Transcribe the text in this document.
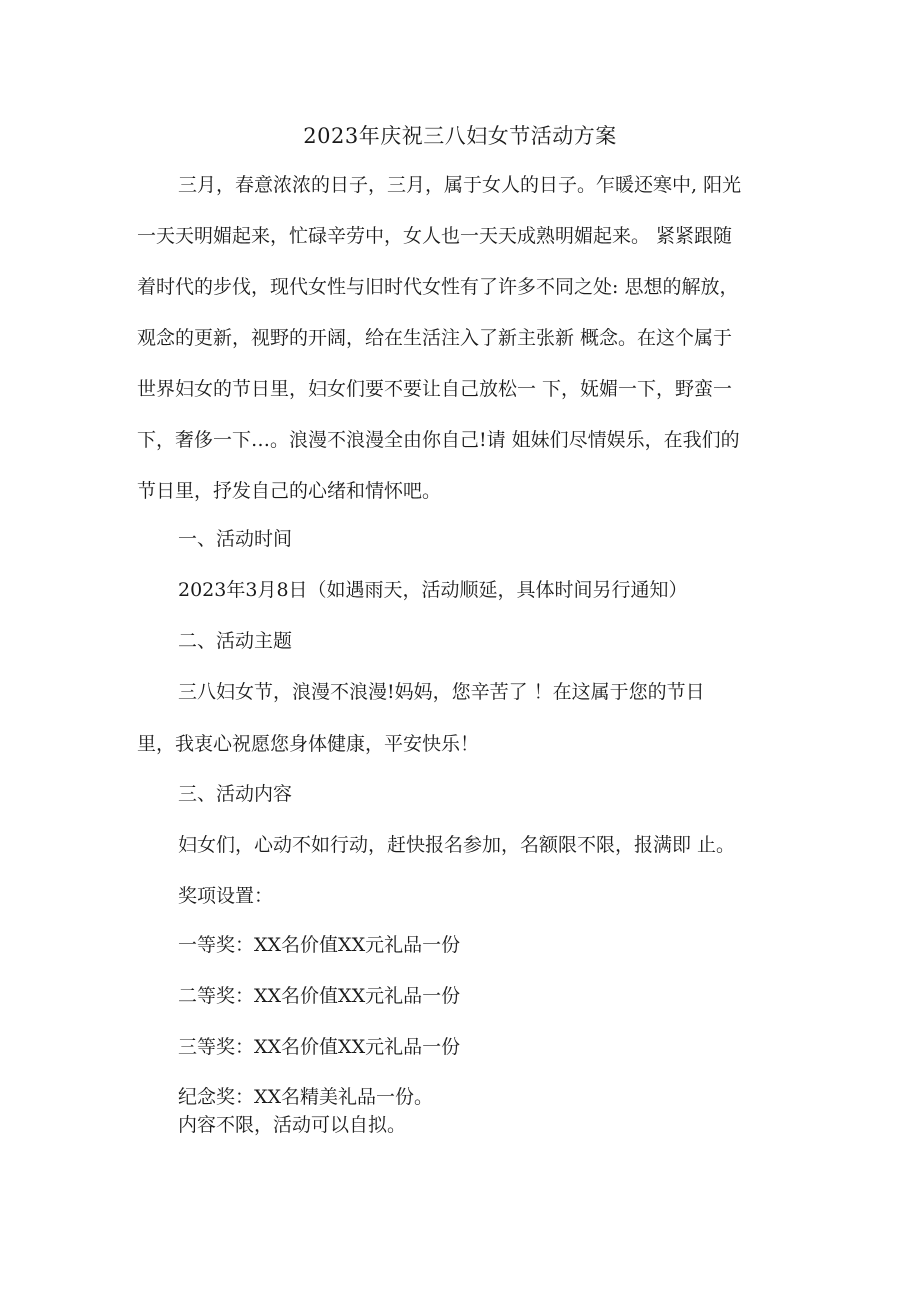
2023年庆祝三八妇女节活动方案
三月，春意浓浓的日子，三月，属于女人的日子。乍暖还寒中, 阳光
一天天明媚起来，忙碌辛劳中，女人也一天天成熟明媚起来。 紧紧跟随
着时代的步伐，现代女性与旧时代女性有了许多不同之处: 思想的解放，
观念的更新，视野的开阔，给在生活注入了新主张新 概念。在这个属于
世界妇女的节日里，妇女们要不要让自己放松一 下，妩媚一下，野蛮一
下，奢侈一下…。浪漫不浪漫全由你自己!请 姐妹们尽情娱乐，在我们的
节日里，抒发自己的心绪和情怀吧。
一、活动时间
2023年3月8日（如遇雨天，活动顺延，具体时间另行通知）
二、活动主题
三八妇女节，浪漫不浪漫!妈妈，您辛苦了 ！在这属于您的节日
里，我衷心祝愿您身体健康，平安快乐！
三、活动内容
妇女们，心动不如行动，赶快报名参加，名额限不限，报满即 止。
奖项设置：
一等奖：XX名价值XX元礼品一份
二等奖：XX名价值XX元礼品一份
三等奖：XX名价值XX元礼品一份
纪念奖：XX名精美礼品一份。
内容不限，活动可以自拟。
